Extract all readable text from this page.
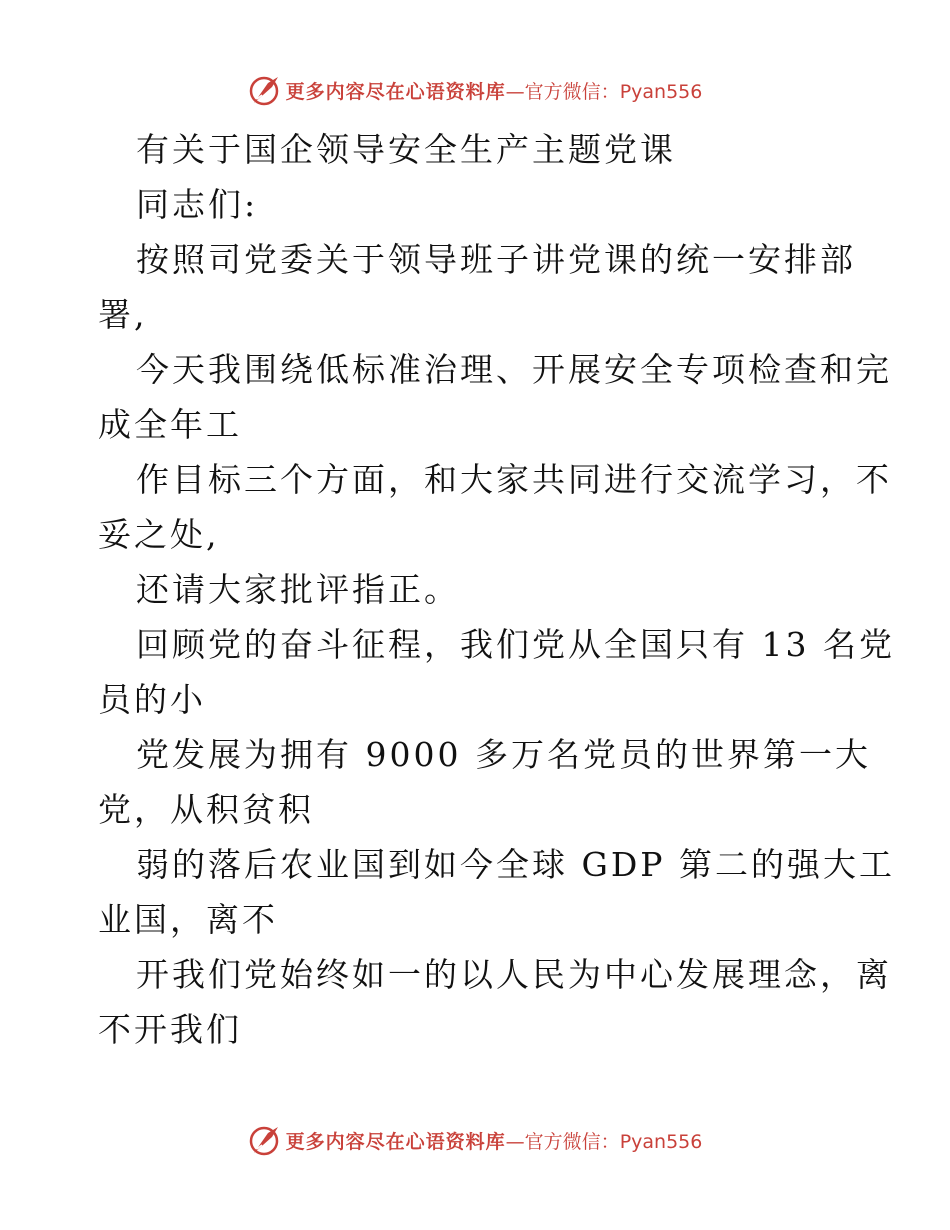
更多内容尽在心语资料库—官方微信：Pyan556
有关于国企领导安全生产主题党课
同志们:
按照司党委关于领导班子讲党课的统一安排部
署,
今天我围绕低标准治理、开展安全专项检查和完
成全年工
作目标三个方面，和大家共同进行交流学习，不
妥之处,
还请大家批评指正。
回顾党的奋斗征程，我们党从全国只有 13 名党
员的小
党发展为拥有 9000 多万名党员的世界第一大
党，从积贫积
弱的落后农业国到如今全球 GDP 第二的强大工
业国，离不
开我们党始终如一的以人民为中心发展理念，离
不开我们
更多内容尽在心语资料库—官方微信：Pyan556
